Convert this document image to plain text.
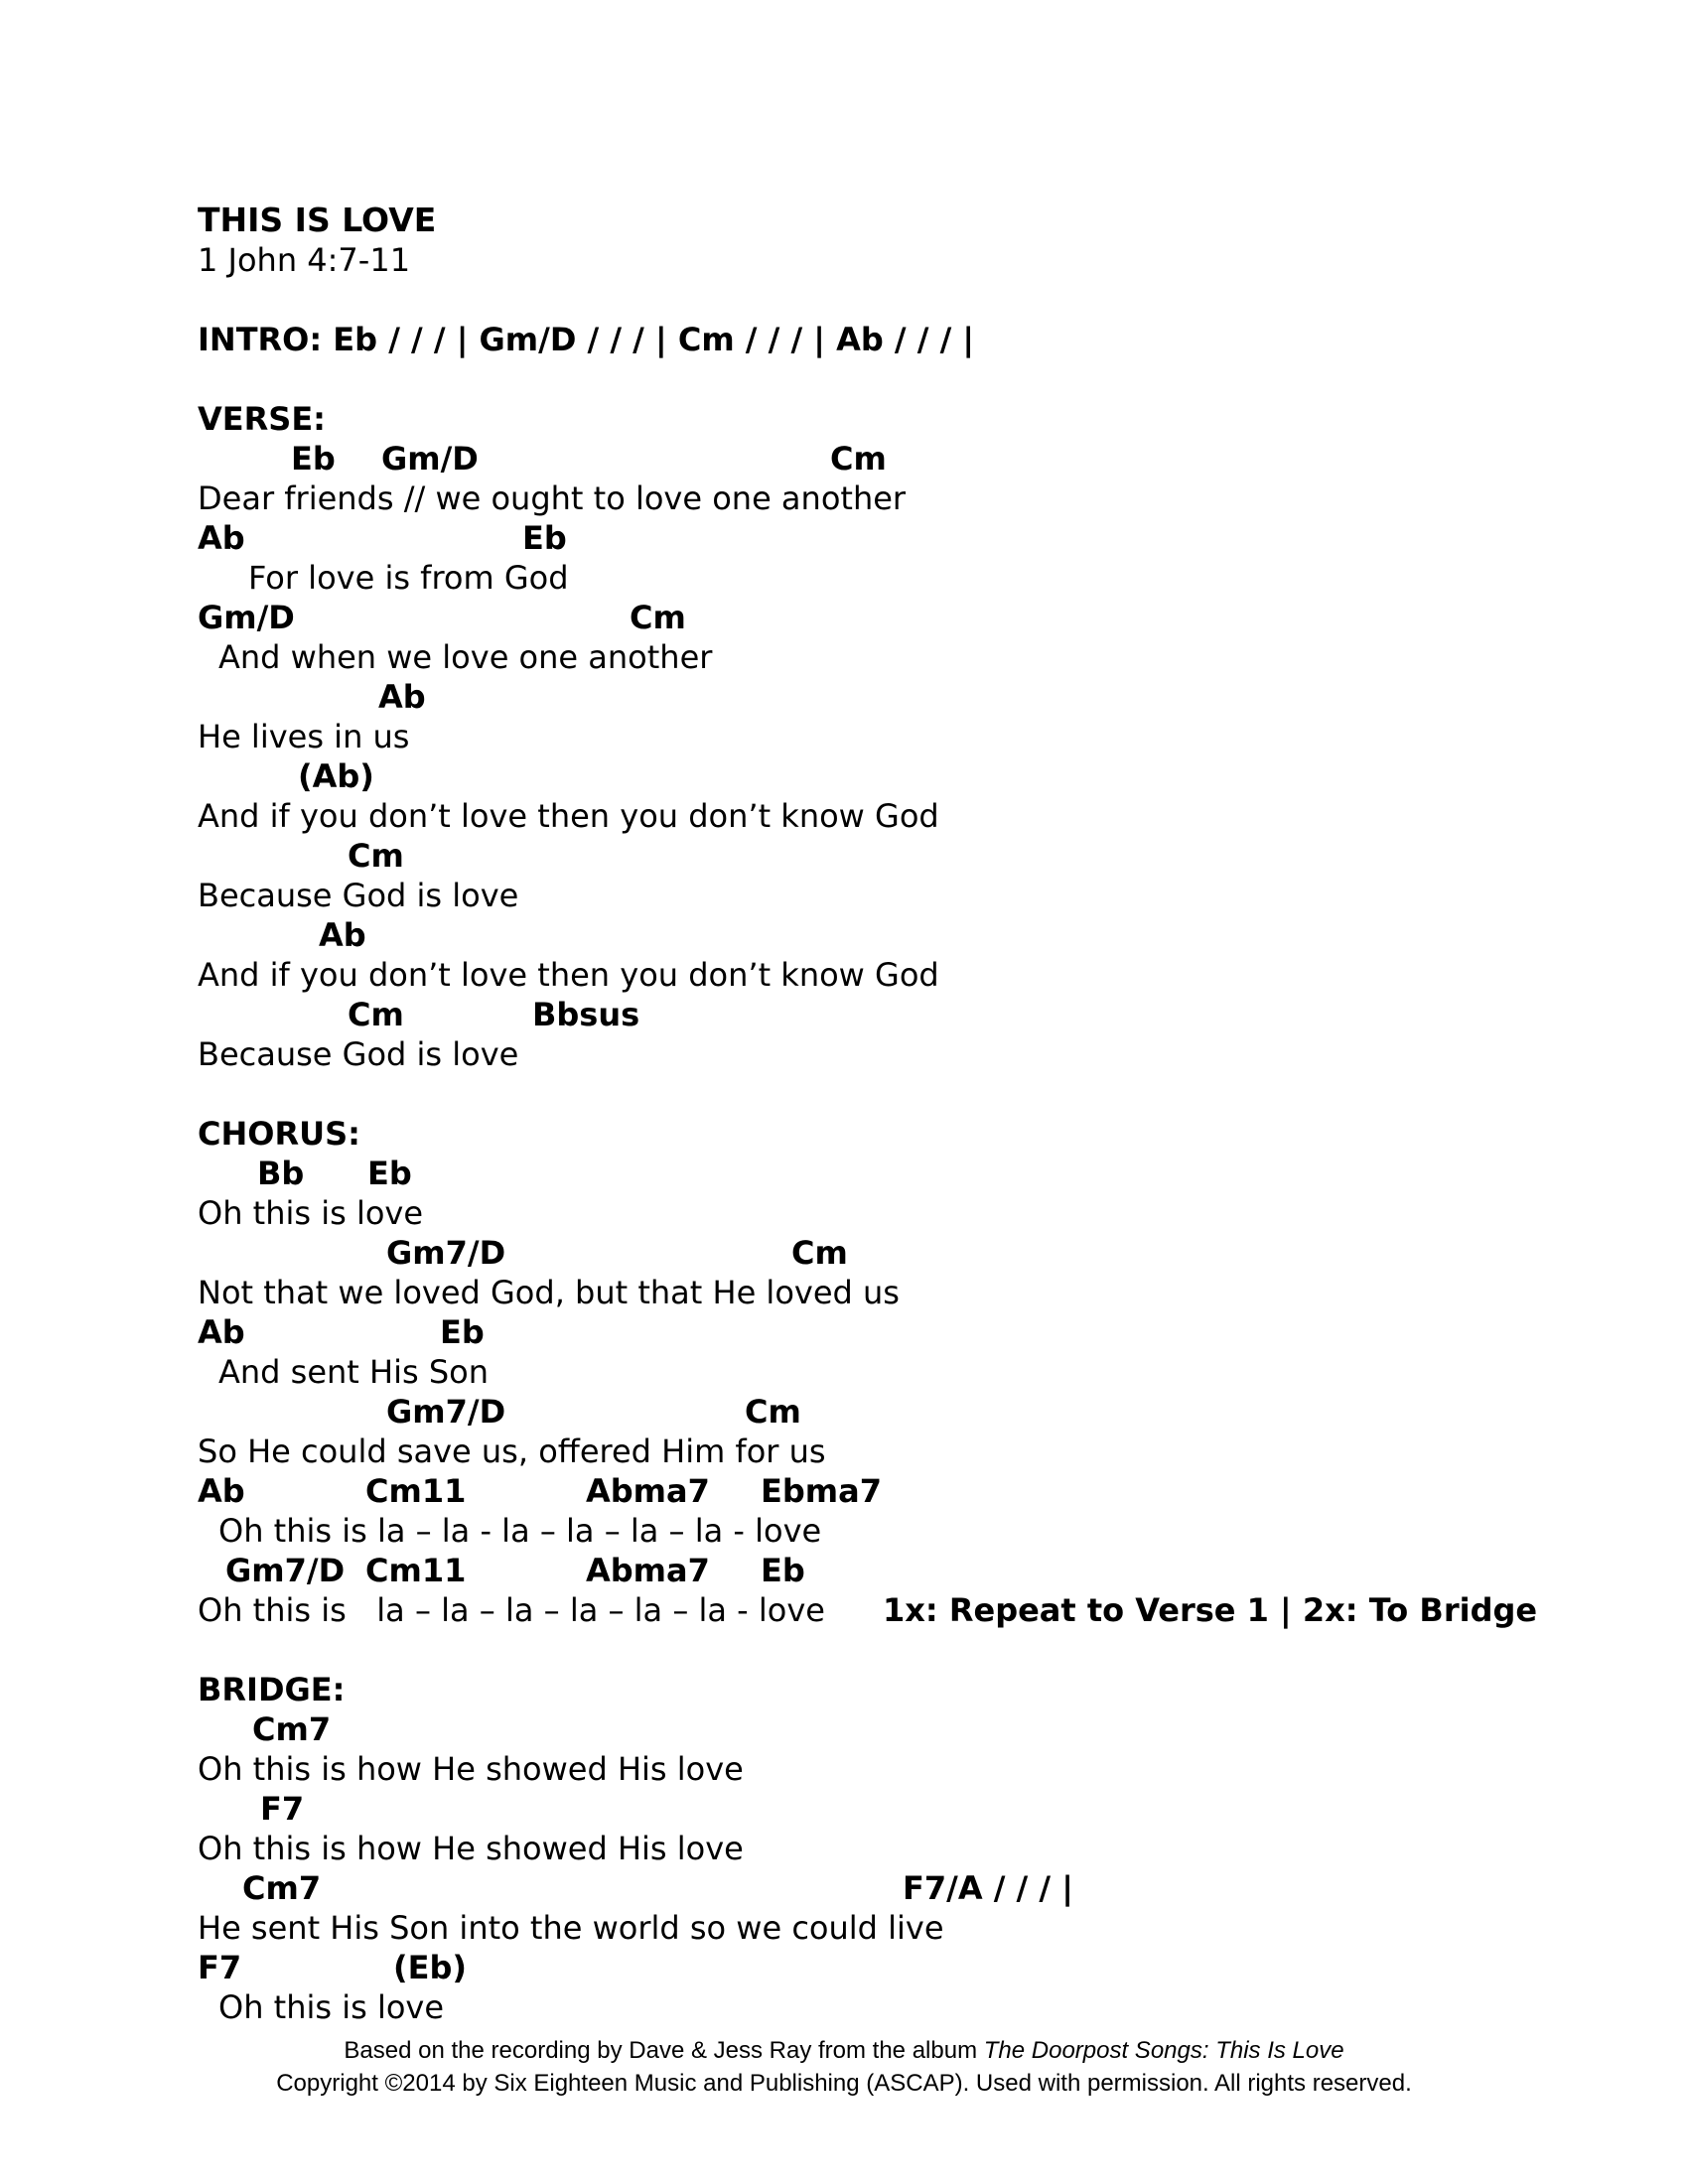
THIS IS LOVE
1 John 4:7-11
INTRO: Eb / / / | Gm/D / / / | Cm / / / | Ab / / / |
VERSE:
Eb Gm/D	Cm
Dear friends // we ought to love one another
Ab	Eb
For love is from God
Gm/D	Cm
And when we love one another
Ab
He lives in us
(Ab)
And if you don’t love then you don’t know God
Cm
Because God is love
Ab
And if you don’t love then you don’t know God
Cm	Bbsus
Because God is love
CHORUS:
Bb Eb
Oh this is love
Gm7/D	Cm
Not that we loved God, but that He loved us
Ab	Eb
And sent His Son
Gm7/D	Cm
So He could save us, offered Him for us
Ab	Cm11	Abma7 Ebma7
Oh this is la – la - la – la – la – la - love
Gm7/D Cm11	Abma7 Eb
Oh this is   la – la – la – la – la – la - love 1x: Repeat to Verse 1 | 2x: To Bridge
BRIDGE:
Cm7
Oh this is how He showed His love
F7
Oh this is how He showed His love
Cm7	F7/A / / / |
He sent His Son into the world so we could live
F7	(Eb)
Oh this is love
Based on the recording by Dave & Jess Ray from the album The Doorpost Songs: This Is Love
Copyright ©2014 by Six Eighteen Music and Publishing (ASCAP). Used with permission. All rights reserved.
